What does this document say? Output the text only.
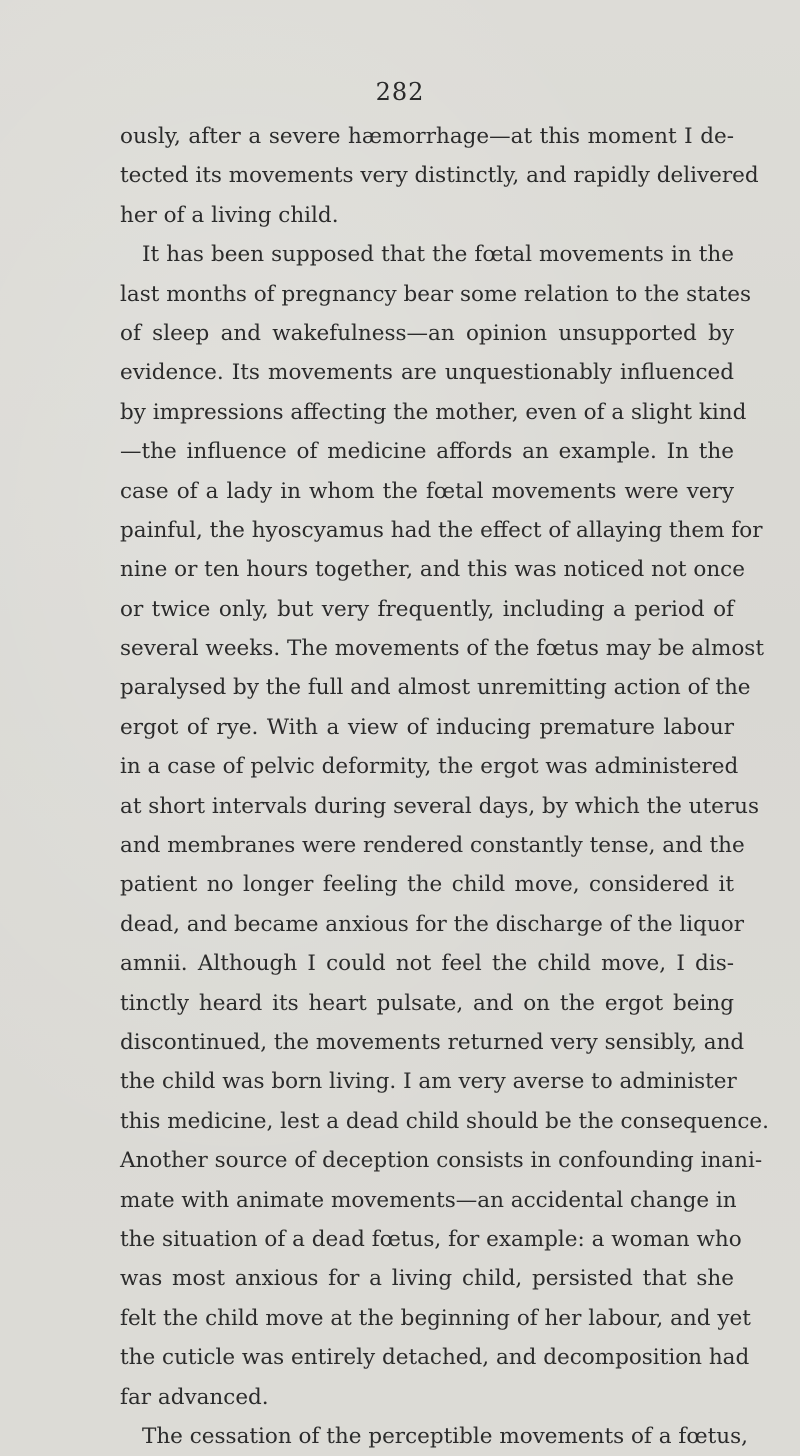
282
ously, after a severe hæmorrhage—at this moment I de-
tected its movements very distinctly, and rapidly delivered
her of a living child.
It has been supposed that the fœtal movements in the
last months of pregnancy bear some relation to the states
of sleep and wakefulness—an opinion unsupported by
evidence. Its movements are unquestionably influenced
by impressions affecting the mother, even of a slight kind
—the influence of medicine affords an example. In the
case of a lady in whom the fœtal movements were very
painful, the hyoscyamus had the effect of allaying them for
nine or ten hours together, and this was noticed not once
or twice only, but very frequently, including a period of
several weeks. The movements of the fœtus may be almost
paralysed by the full and almost unremitting action of the
ergot of rye. With a view of inducing premature labour
in a case of pelvic deformity, the ergot was administered
at short intervals during several days, by which the uterus
and membranes were rendered constantly tense, and the
patient no longer feeling the child move, considered it
dead, and became anxious for the discharge of the liquor
amnii. Although I could not feel the child move, I dis-
tinctly heard its heart pulsate, and on the ergot being
discontinued, the movements returned very sensibly, and
the child was born living. I am very averse to administer
this medicine, lest a dead child should be the consequence.
Another source of deception consists in confounding inani-
mate with animate movements—an accidental change in
the situation of a dead fœtus, for example: a woman who
was most anxious for a living child, persisted that she
felt the child move at the beginning of her labour, and yet
the cuticle was entirely detached, and decomposition had
far advanced.
The cessation of the perceptible movements of a fœtus,
